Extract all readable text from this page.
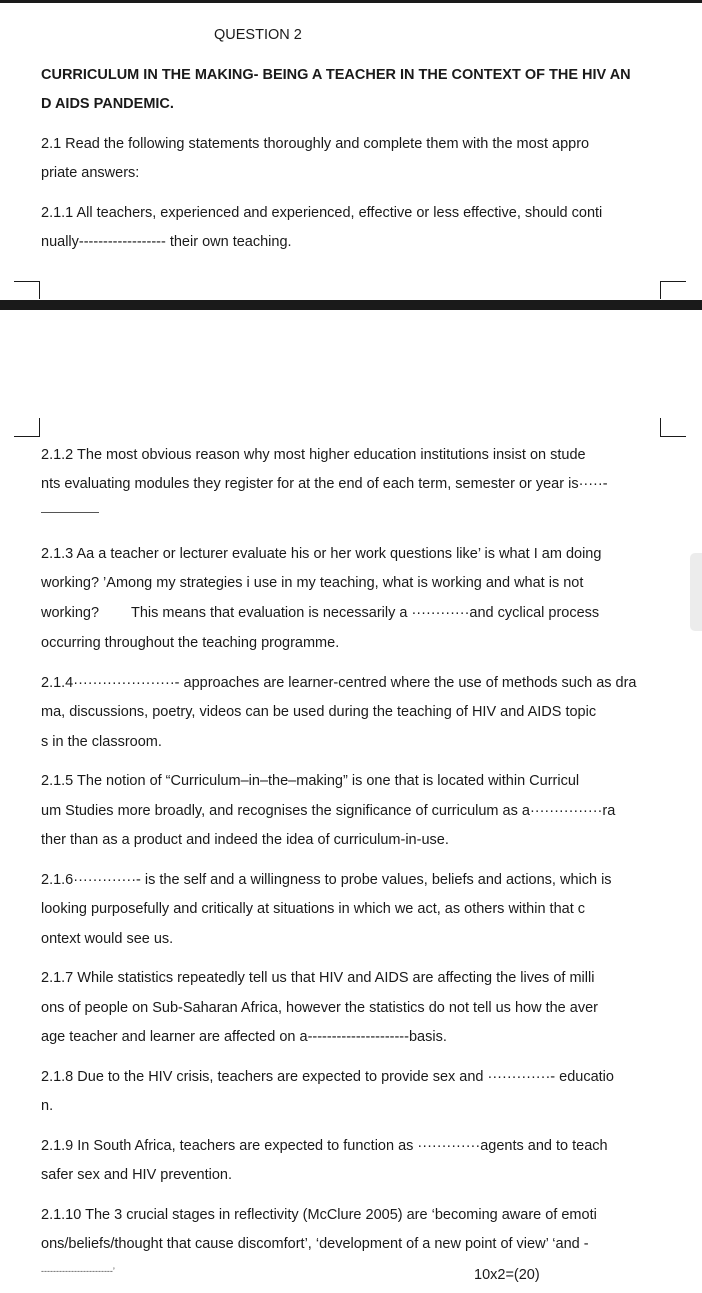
QUESTION 2
CURRICULUM IN THE MAKING- BEING A TEACHER IN THE CONTEXT OF THE HIV AN
D AIDS PANDEMIC.
2.1 Read the following statements thoroughly and complete them with the most appro
priate answers:
2.1.1 All teachers, experienced and experienced, effective or less effective, should conti
nually------------------ their own teaching.
2.1.2 The most obvious reason why most higher education institutions insist on stude
nts evaluating modules they register for at the end of each term, semester or year is·····-
2.1.3 Aa a teacher or lecturer evaluate his or her work questions like’ is what I am doing
working? ’Among my strategies i use in my teaching, what is working and what is not
working?        This means that evaluation is necessarily a ············and cyclical process
occurring throughout the teaching programme.
2.1.4·····················- approaches are learner-centred where the use of methods such as dra
ma, discussions, poetry, videos can be used during the teaching of HIV and AIDS topic
s in the classroom.
2.1.5 The notion of “Curriculum–in–the–making” is one that is located within Curricul
um Studies more broadly, and recognises the significance of curriculum as a···············ra
ther than as a product and indeed the idea of curriculum-in-use.
2.1.6·············- is the self and a willingness to probe values, beliefs and actions, which is
looking purposefully and critically at situations in which we act, as others within that c
ontext would see us.
2.1.7 While statistics repeatedly tell us that HIV and AIDS are affecting the lives of milli
ons of people on Sub-Saharan Africa, however the statistics do not tell us how the aver
age teacher and learner are affected on a---------------------basis.
2.1.8 Due to the HIV crisis, teachers are expected to provide sex and ·············- educatio
n.
2.1.9 In South Africa, teachers are expected to function as ·············agents and to teach
safer sex and HIV prevention.
2.1.10 The 3 crucial stages in reflectivity (McClure 2005) are ‘becoming aware of emoti
ons/beliefs/thought that cause discomfort’, ‘development of a new point of view’ ‘and -
------------------------’	10x2=(20)
